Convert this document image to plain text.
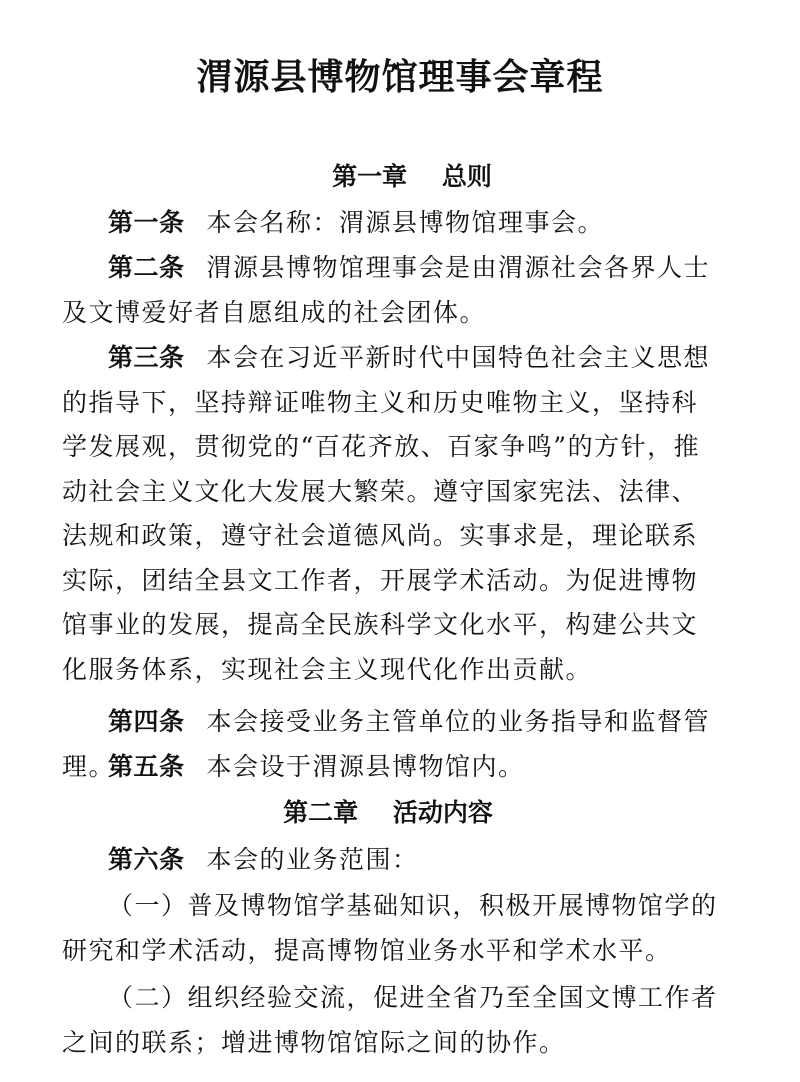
渭源县博物馆理事会章程
第一章    总则
第一条 本会名称：渭源县博物馆理事会。
第二条 渭源县博物馆理事会是由渭源社会各界人士及文博爱好者自愿组成的社会团体。
第三条 本会在习近平新时代中国特色社会主义思想的指导下，坚持辩证唯物主义和历史唯物主义，坚持科学发展观，贯彻党的“百花齐放、百家争鸣”的方针，推动社会主义文化大发展大繁荣。遵守国家宪法、法律、法规和政策，遵守社会道德风尚。实事求是，理论联系实际，团结全县文工作者，开展学术活动。为促进博物馆事业的发展，提高全民族科学文化水平，构建公共文化服务体系，实现社会主义现代化作出贡献。
第四条 本会接受业务主管单位的业务指导和监督管理。
第五条 本会设于渭源县博物馆内。
第二章    活动内容
第六条 本会的业务范围：
（一）普及博物馆学基础知识，积极开展博物馆学的研究和学术活动，提高博物馆业务水平和学术水平。
（二）组织经验交流，促进全省乃至全国文博工作者之间的联系；增进博物馆馆际之间的协作。
